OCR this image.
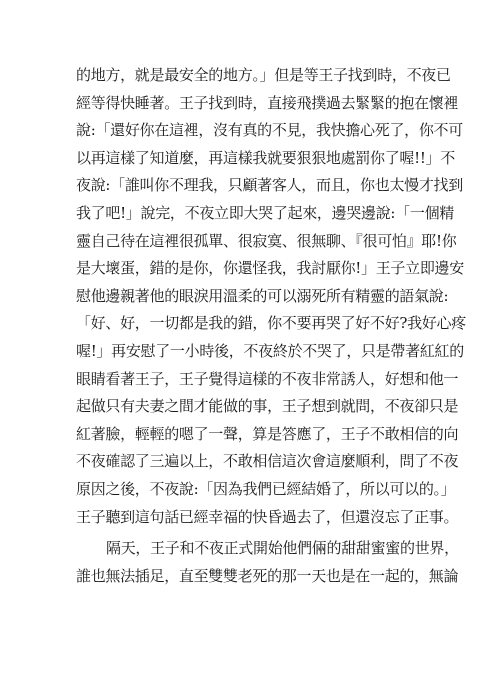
的地方，就是最安全的地方。」但是等王子找到時，不夜已
經等得快睡著。王子找到時，直接飛撲過去緊緊的抱在懷裡
說:「還好你在這裡，沒有真的不見，我快擔心死了，你不可
以再這樣了知道麼，再這樣我就要狠狠地處罰你了喔!!」不
夜說:「誰叫你不理我，只顧著客人，而且，你也太慢才找到
我了吧!」說完，不夜立即大哭了起來，邊哭邊說:「一個精
靈自己待在這裡很孤單、很寂寞、很無聊、『很可怕』耶!你
是大壞蛋，錯的是你，你還怪我，我討厭你!」王子立即邊安
慰他邊親著他的眼淚用溫柔的可以溺死所有精靈的語氣說:
「好、好，一切都是我的錯，你不要再哭了好不好?我好心疼
喔!」再安慰了一小時後，不夜終於不哭了，只是帶著紅紅的
眼睛看著王子，王子覺得這樣的不夜非常誘人，好想和他一
起做只有夫妻之間才能做的事，王子想到就問，不夜卻只是
紅著臉，輕輕的嗯了一聲，算是答應了，王子不敢相信的向
不夜確認了三遍以上，不敢相信這次會這麼順利，問了不夜
原因之後，不夜說:「因為我們已經結婚了，所以可以的。」
王子聽到這句話已經幸福的快昏過去了，但還沒忘了正事。
隔天，王子和不夜正式開始他們倆的甜甜蜜蜜的世界，
誰也無法插足，直至雙雙老死的那一天也是在一起的，無論
